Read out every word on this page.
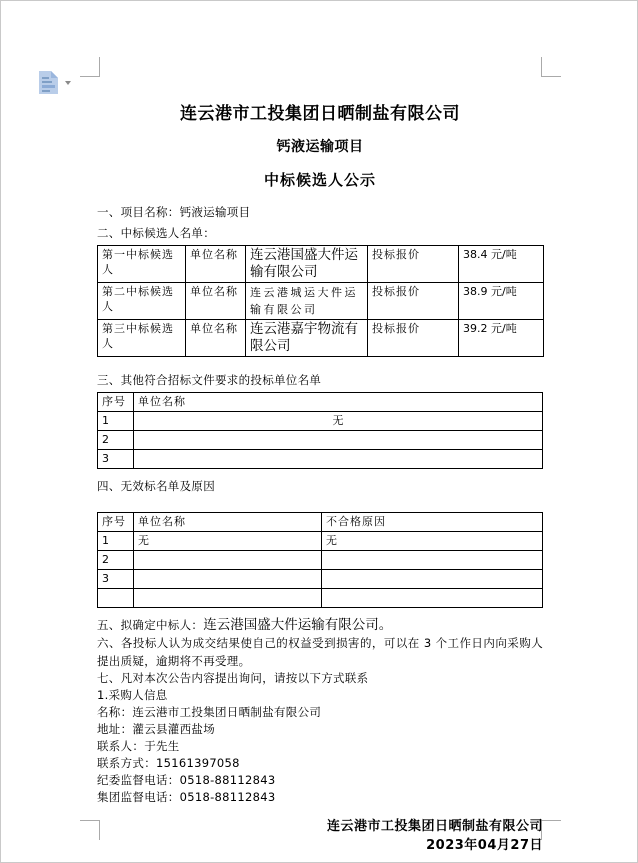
连云港市工投集团日晒制盐有限公司

钙液运输项目

中标候选人公示

一、项目名称：钙液运输项目

二、中标候选人名单：

第一中标候选人	单位名称	连云港国盛大件运输有限公司	投标报价	38.4 元/吨
第二中标候选人	单位名称	连云港城运大件运输有限公司	投标报价	38.9 元/吨
第三中标候选人	单位名称	连云港嘉宇物流有限公司	投标报价	39.2 元/吨

三、其他符合招标文件要求的投标单位名单

序号	单位名称
1	无
2	
3	

四、无效标名单及原因

序号	单位名称	不合格原因
1	无	无
2		
3		

五、拟确定中标人：连云港国盛大件运输有限公司。

六、各投标人认为成交结果使自己的权益受到损害的，可以在 3 个工作日内向采购人提出质疑，逾期将不再受理。

七、凡对本次公告内容提出询问，请按以下方式联系

1.采购人信息

名称：连云港市工投集团日晒制盐有限公司

地址：灌云县灌西盐场

联系人：于先生

联系方式：15161397058

纪委监督电话：0518-88112843

集团监督电话：0518-88112843

连云港市工投集团日晒制盐有限公司

2023年04月27日
